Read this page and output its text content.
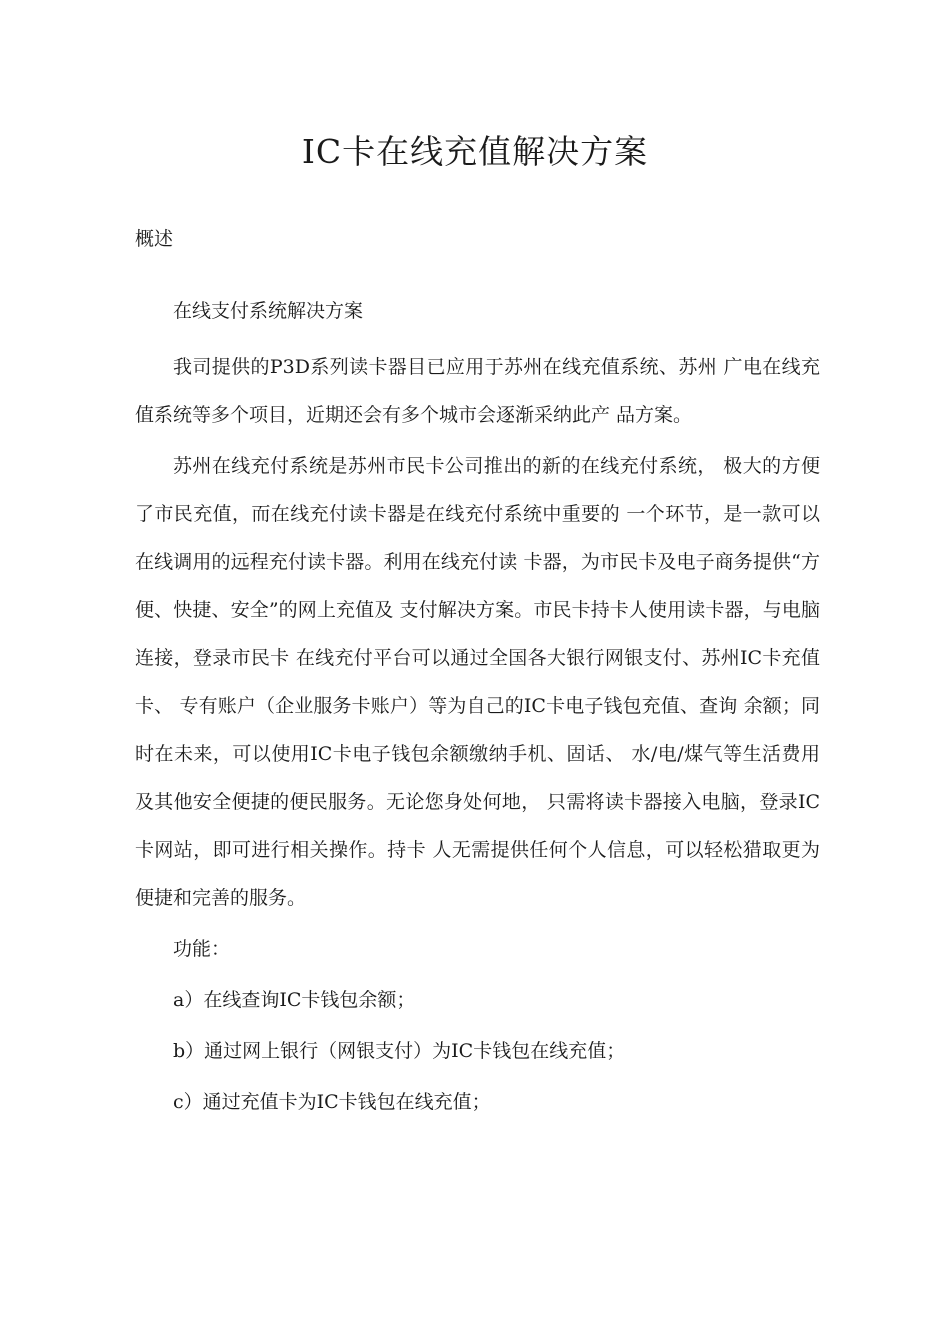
IC卡在线充值解决方案
概述

在线支付系统解决方案

我司提供的P3D系列读卡器目已应用于苏州在线充值系统、苏州 广电在线充值系统等多个项目，近期还会有多个城市会逐渐采纳此产 品方案。

苏州在线充付系统是苏州市民卡公司推出的新的在线充付系统， 极大的方便了市民充值，而在线充付读卡器是在线充付系统中重要的 一个环节，是一款可以在线调用的远程充付读卡器。利用在线充付读 卡器，为市民卡及电子商务提供“方便、快捷、安全”的网上充值及 支付解决方案。市民卡持卡人使用读卡器，与电脑连接，登录市民卡 在线充付平台可以通过全国各大银行网银支付、苏州IC卡充值卡、 专有账户（企业服务卡账户）等为自己的IC卡电子钱包充值、查询 余额；同时在未来，可以使用IC卡电子钱包余额缴纳手机、固话、 水/电/煤气等生活费用及其他安全便捷的便民服务。无论您身处何地， 只需将读卡器接入电脑，登录IC卡网站，即可进行相关操作。持卡 人无需提供任何个人信息，可以轻松猎取更为便捷和完善的服务。

功能：

a）在线查询IC卡钱包余额；

b）通过网上银行（网银支付）为IC卡钱包在线充值；

c）通过充值卡为IC卡钱包在线充值；
